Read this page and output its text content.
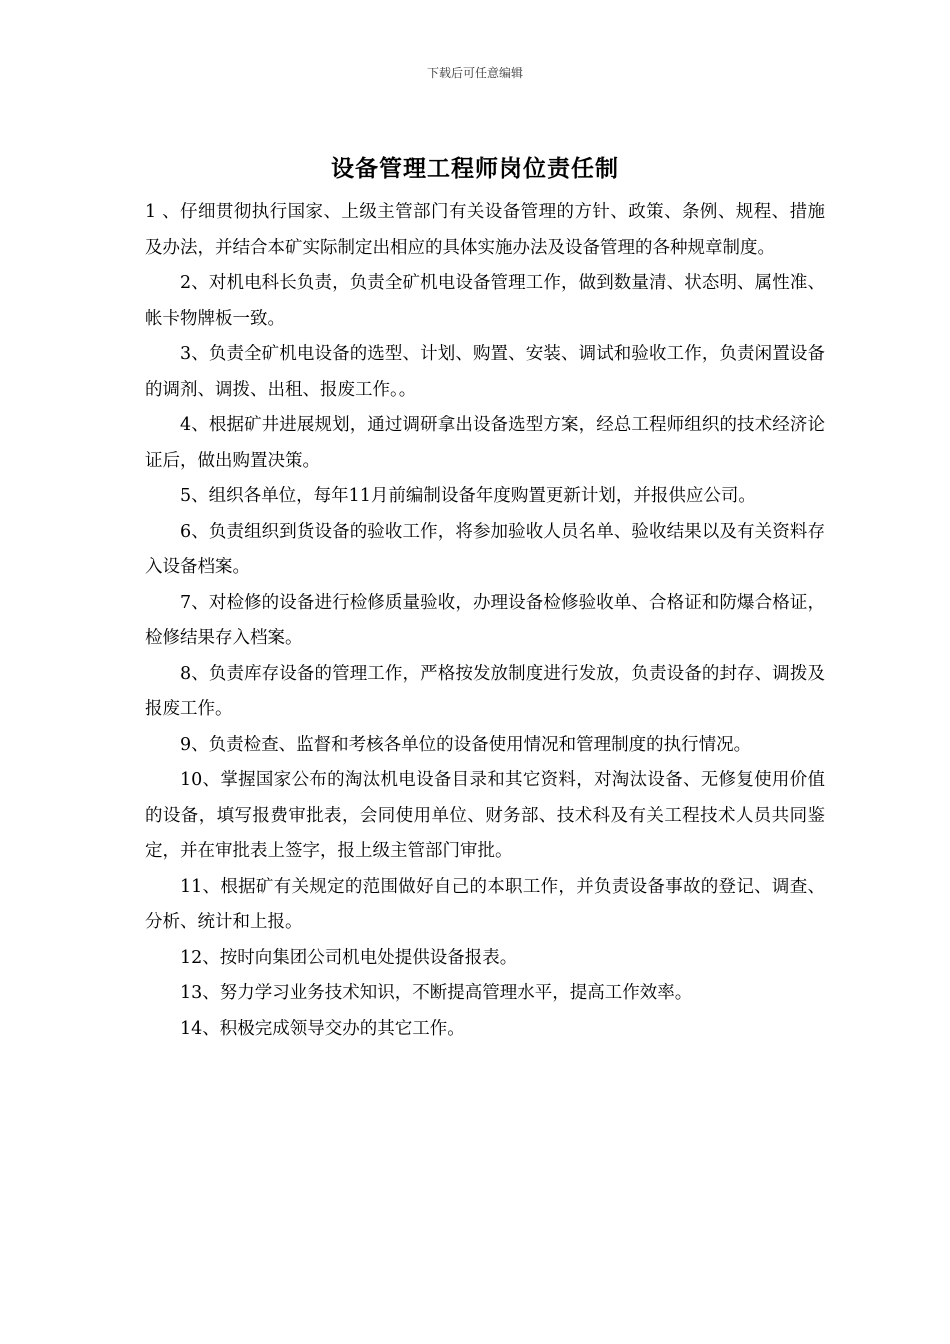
下载后可任意编辑
设备管理工程师岗位责任制

1 、仔细贯彻执行国家、上级主管部门有关设备管理的方针、政策、条例、规程、措施及办法，并结合本矿实际制定出相应的具体实施办法及设备管理的各种规章制度。

2、对机电科长负责，负责全矿机电设备管理工作，做到数量清、状态明、属性准、帐卡物牌板一致。

3、负责全矿机电设备的选型、计划、购置、安装、调试和验收工作，负责闲置设备的调剂、调拨、出租、报废工作。。

4、根据矿井进展规划，通过调研拿出设备选型方案，经总工程师组织的技术经济论证后，做出购置决策。

5、组织各单位，每年11月前编制设备年度购置更新计划，并报供应公司。

6、负责组织到货设备的验收工作，将参加验收人员名单、验收结果以及有关资料存入设备档案。

7、对检修的设备进行检修质量验收，办理设备检修验收单、合格证和防爆合格证，检修结果存入档案。

8、负责库存设备的管理工作，严格按发放制度进行发放，负责设备的封存、调拨及报废工作。

9、负责检查、监督和考核各单位的设备使用情况和管理制度的执行情况。

10、掌握国家公布的淘汰机电设备目录和其它资料，对淘汰设备、无修复使用价值的设备，填写报费审批表，会同使用单位、财务部、技术科及有关工程技术人员共同鉴定，并在审批表上签字，报上级主管部门审批。

11、根据矿有关规定的范围做好自己的本职工作，并负责设备事故的登记、调查、分析、统计和上报。

12、按时向集团公司机电处提供设备报表。

13、努力学习业务技术知识，不断提高管理水平，提高工作效率。

14、积极完成领导交办的其它工作。
